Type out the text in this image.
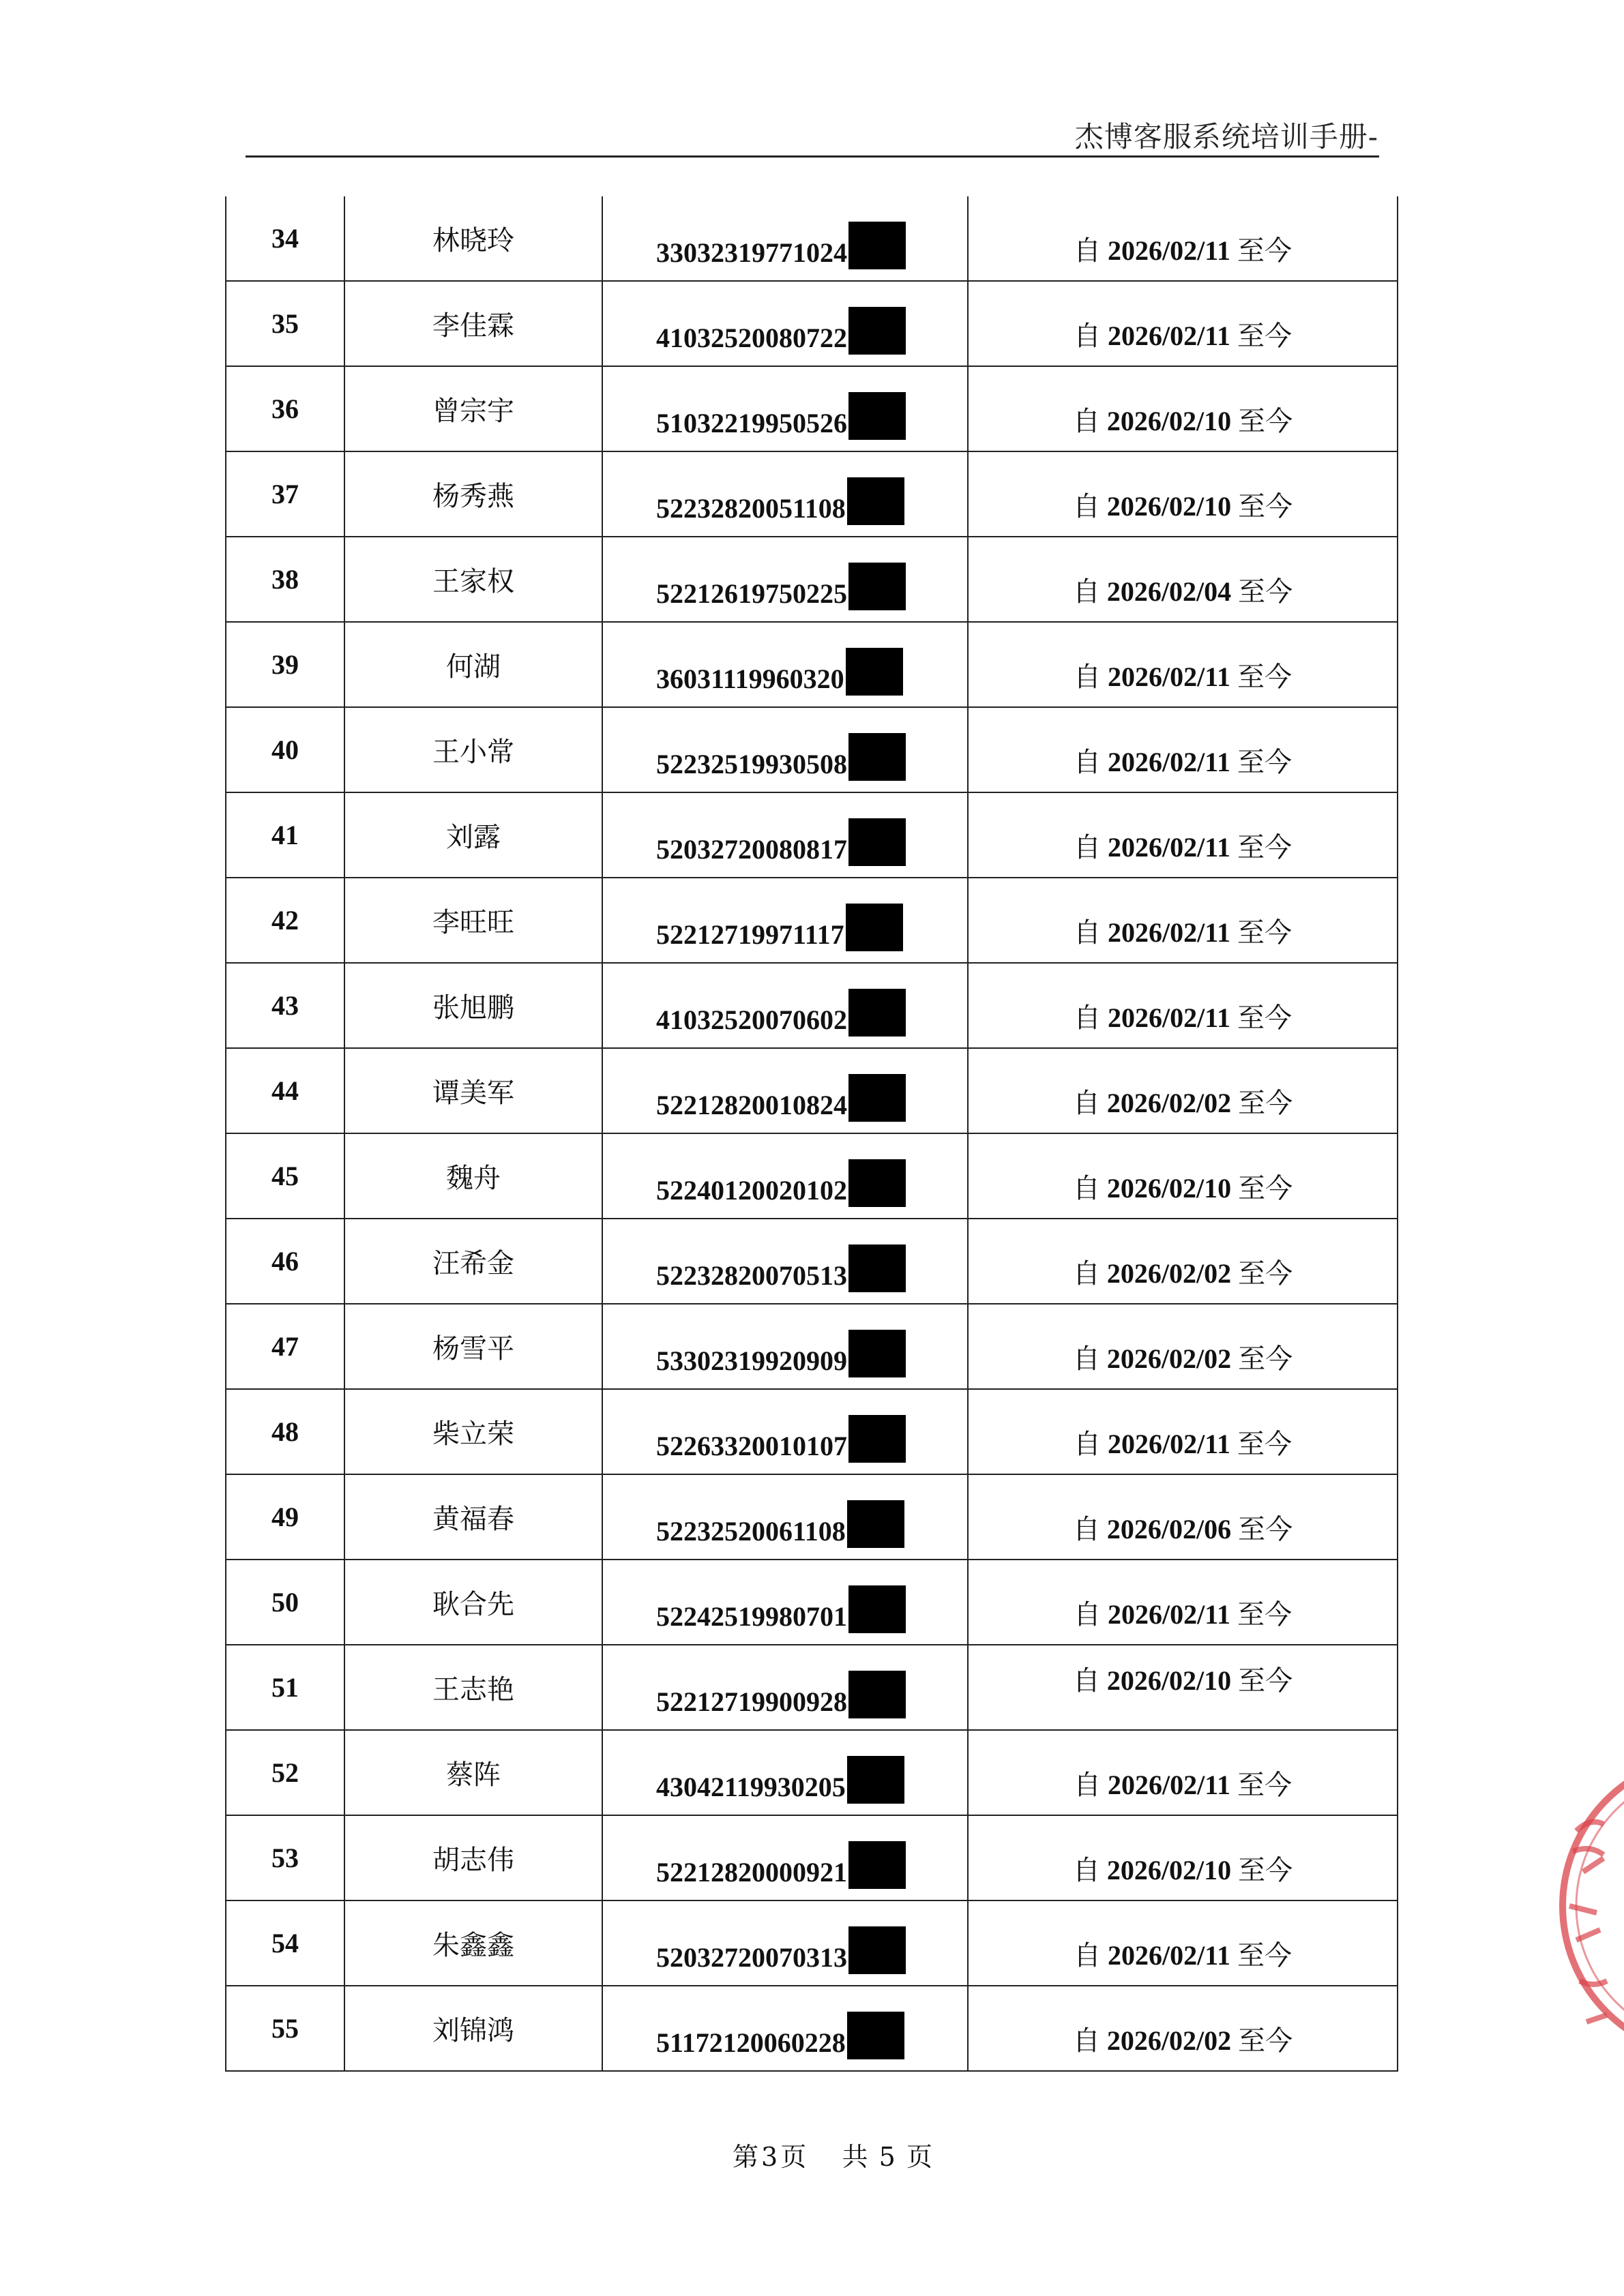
杰博客服系统培训手册-
34	林晓玲	33032319771024	自 2026/02/11 至今

35	李佳霖	41032520080722	自 2026/02/11 至今

36	曾宗宇	51032219950526	自 2026/02/10 至今

37	杨秀燕	52232820051108	自 2026/02/10 至今

38	王家权	52212619750225	自 2026/02/04 至今

39	何湖	36031119960320	自 2026/02/11 至今

40	王小常	52232519930508	自 2026/02/11 至今

41	刘露	52032720080817	自 2026/02/11 至今

42	李旺旺	52212719971117	自 2026/02/11 至今

43	张旭鹏	41032520070602	自 2026/02/11 至今

44	谭美军	52212820010824	自 2026/02/02 至今

45	魏舟	52240120020102	自 2026/02/10 至今

46	汪希金	52232820070513	自 2026/02/02 至今

47	杨雪平	53302319920909	自 2026/02/02 至今

48	柴立荣	52263320010107	自 2026/02/11 至今

49	黄福春	52232520061108	自 2026/02/06 至今

50	耿合先	52242519980701	自 2026/02/11 至今

51	王志艳	52212719900928	自 2026/02/10 至今

52	蔡阵	43042119930205	自 2026/02/11 至今

53	胡志伟	52212820000921	自 2026/02/10 至今

54	朱鑫鑫	52032720070313	自 2026/02/11 至今

55	刘锦鸿	51172120060228	自 2026/02/02 至今
第 3 页 共 5 页
